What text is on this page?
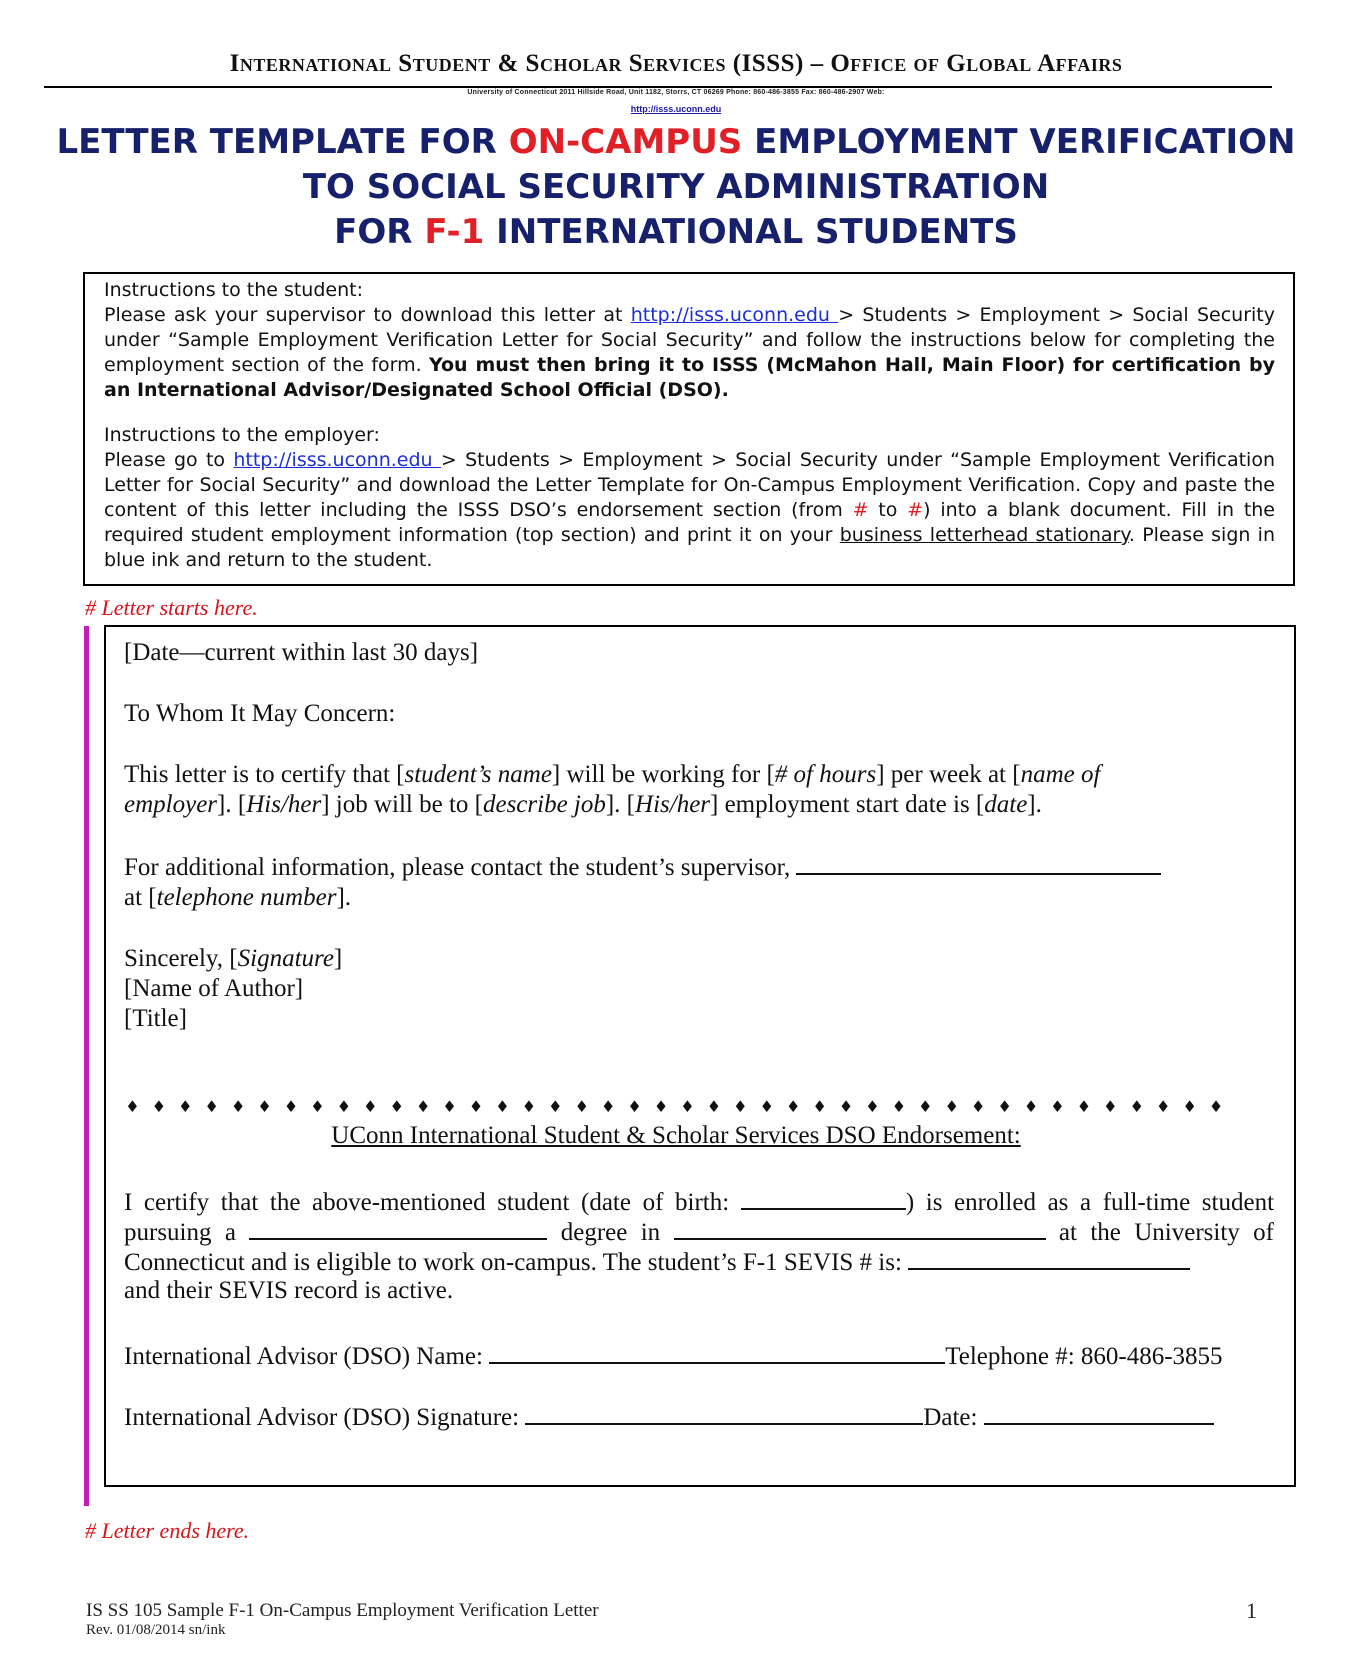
International Student & Scholar Services (ISSS) – Office of Global Affairs
University of Connecticut 2011 Hillside Road, Unit 1182, Storrs, CT 06269 Phone: 860-486-3855 Fax: 860-486-2907 Web:
http://isss.uconn.edu
LETTER TEMPLATE FOR ON-CAMPUS EMPLOYMENT VERIFICATION
TO SOCIAL SECURITY ADMINISTRATION
FOR F-1 INTERNATIONAL STUDENTS

Instructions to the student:

Please ask your supervisor to download this letter at http://isss.uconn.edu > Students > Employment > Social Security under “Sample Employment Verification Letter for Social Security” and follow the instructions below for completing the employment section of the form. You must then bring it to ISSS (McMahon Hall, Main Floor) for certification by an International Advisor/Designated School Official (DSO).

Instructions to the employer:

Please go to http://isss.uconn.edu > Students > Employment > Social Security under “Sample Employment Verification Letter for Social Security” and download the Letter Template for On-Campus Employment Verification. Copy and paste the content of this letter including the ISSS DSO’s endorsement section (from # to #) into a blank document. Fill in the required student employment information (top section) and print it on your business letterhead stationary. Please sign in blue ink and return to the student.

# Letter starts here.
[Date—current within last 30 days]
To Whom It May Concern:
This letter is to certify that [student’s name] will be working for [# of hours] per week at [name of employer]. [His/her] job will be to [describe job]. [His/her] employment start date is [date].
For additional information, please contact the student’s supervisor,
at [telephone number].
Sincerely, [Signature]
[Name of Author]
[Title]
♦ ♦ ♦ ♦ ♦ ♦ ♦ ♦ ♦ ♦ ♦ ♦ ♦ ♦ ♦ ♦ ♦ ♦ ♦ ♦ ♦ ♦ ♦ ♦ ♦ ♦ ♦ ♦ ♦ ♦ ♦ ♦ ♦ ♦ ♦ ♦ ♦ ♦ ♦ ♦ ♦ ♦
UConn International Student & Scholar Services DSO Endorsement:
I certify that the above-mentioned student (date of birth:	) is enrolled as a full-time student
pursuing a	degree in	at the University of
Connecticut and is eligible to work on-campus. The student’s F-1 SEVIS # is:
and their SEVIS record is active.
International Advisor (DSO) Name:	Telephone #: 860-486-3855
International Advisor (DSO) Signature:	Date:
# Letter ends here.
IS SS 105 Sample F-1 On-Campus Employment Verification Letter
Rev. 01/08/2014 sn/ink
1
